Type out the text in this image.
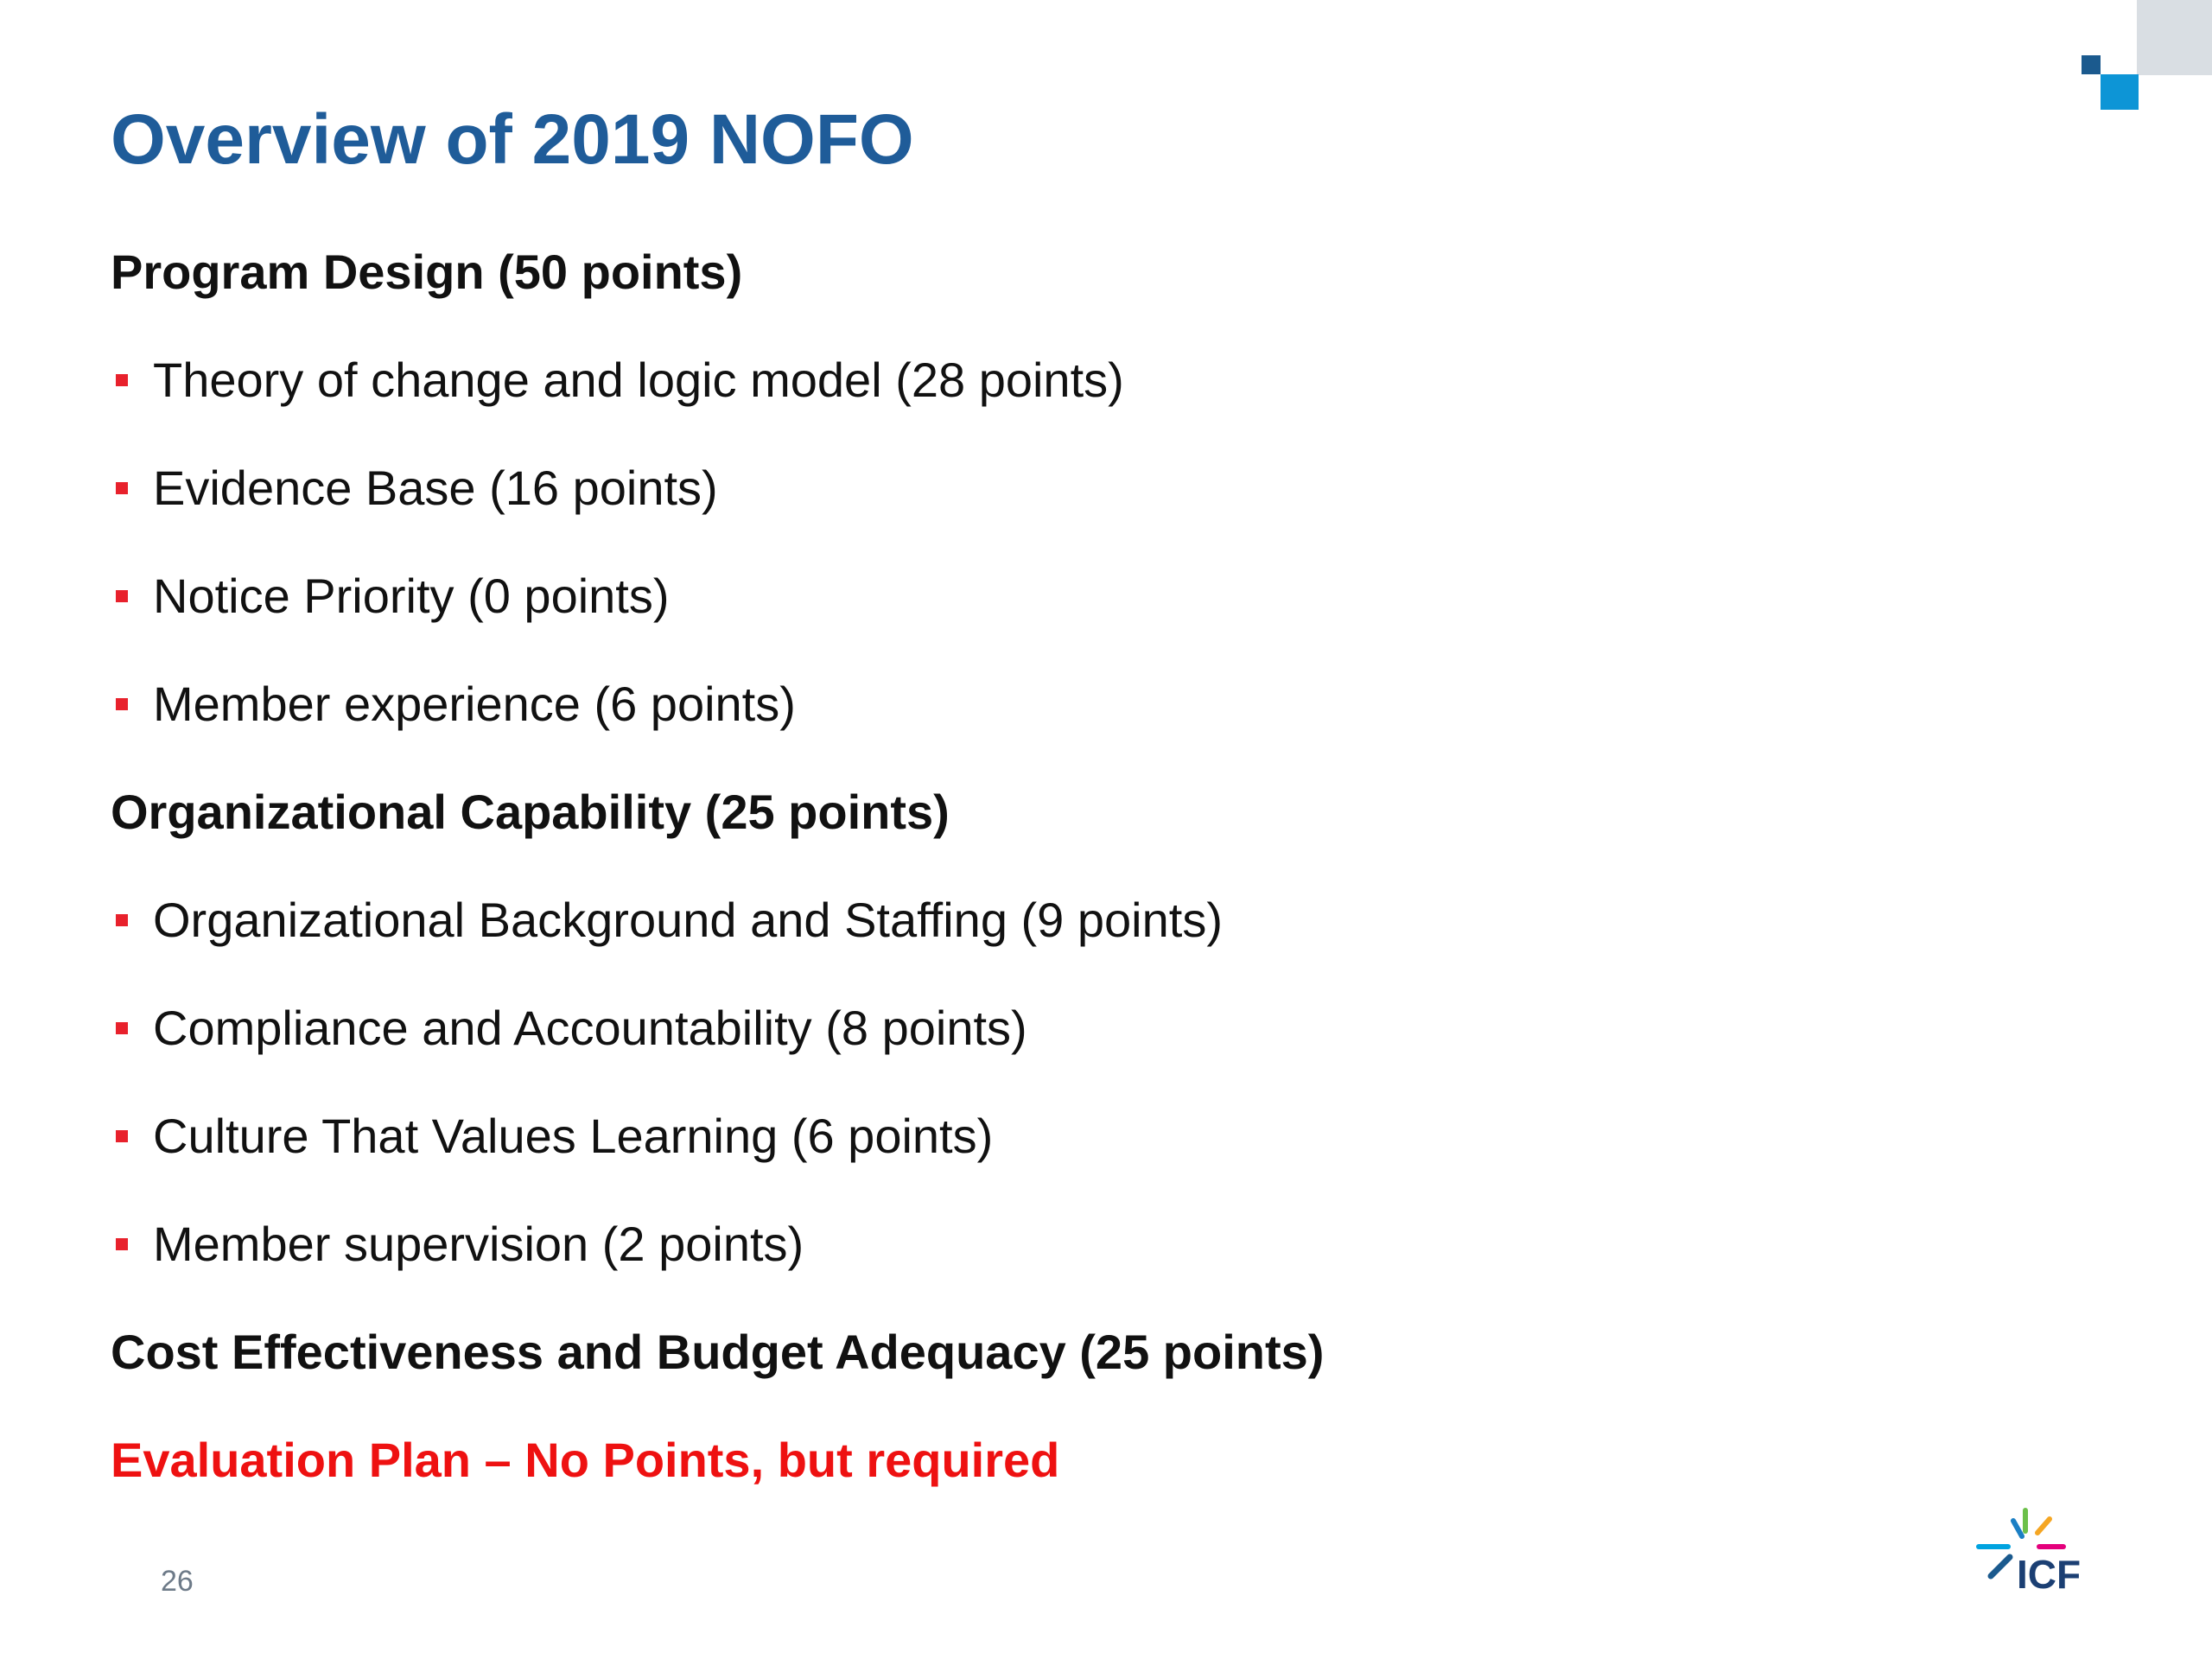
Overview of 2019 NOFO
Program Design (50 points)
Theory of change and logic model (28 points)
Evidence Base (16 points)
Notice Priority (0 points)
Member experience (6 points)
Organizational Capability (25 points)
Organizational Background and Staffing (9 points)
Compliance and Accountability (8 points)
Culture That Values Learning (6 points)
Member supervision (2 points)
Cost Effectiveness and Budget Adequacy (25 points)
Evaluation Plan – No Points, but required
26	ICF
